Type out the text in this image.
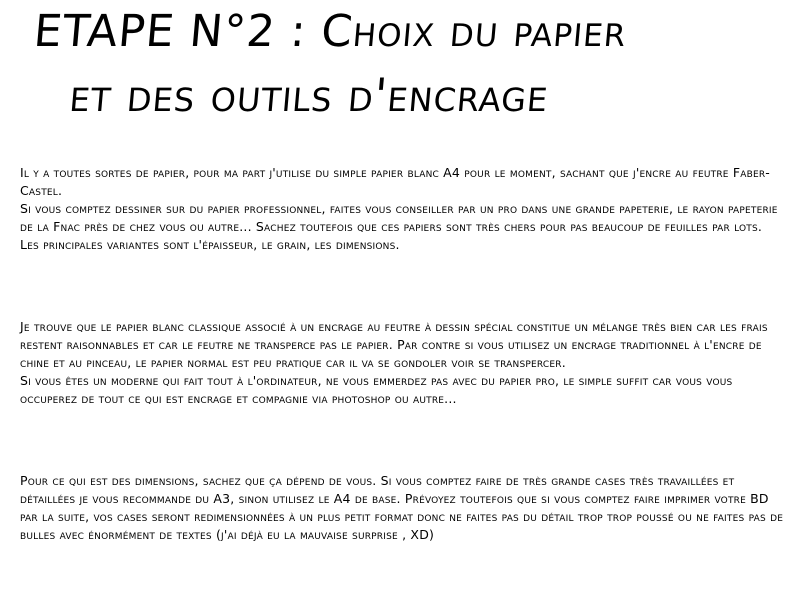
ETAPE N°2 : Choix du papier
et des outils d'encrage

Il y a toutes sortes de papier, pour ma part j'utilise du simple papier blanc A4 pour le moment, sachant que j'encre au feutre Faber-Castel.
Si vous comptez dessiner sur du papier professionnel, faites vous conseiller par un pro dans une grande papeterie, le rayon papeterie de la Fnac près de chez vous ou autre... Sachez toutefois que ces papiers sont très chers pour pas beaucoup de feuilles par lots.
Les principales variantes sont l'épaisseur, le grain, les dimensions.

Je trouve que le papier blanc classique associé à un encrage au feutre à dessin spécial constitue un mélange très bien car les frais restent raisonnables et car le feutre ne transperce pas le papier. Par contre si vous utilisez un encrage traditionnel à l'encre de chine et au pinceau, le papier normal est peu pratique car il va se gondoler voir se transpercer.
Si vous êtes un moderne qui fait tout à l'ordinateur, ne vous emmerdez pas avec du papier pro, le simple suffit car vous vous occuperez de tout ce qui est encrage et compagnie via photoshop ou autre...

Pour ce qui est des dimensions, sachez que ça dépend de vous. Si vous comptez faire de très grande cases très travaillées et détaillées je vous recommande du A3, sinon utilisez le A4 de base. Prévoyez toutefois que si vous comptez faire imprimer votre BD par la suite, vos cases seront redimensionnées à un plus petit format donc ne faites pas du détail trop trop poussé ou ne faites pas de bulles avec énormément de textes (j'ai déjà eu la mauvaise surprise , XD)
